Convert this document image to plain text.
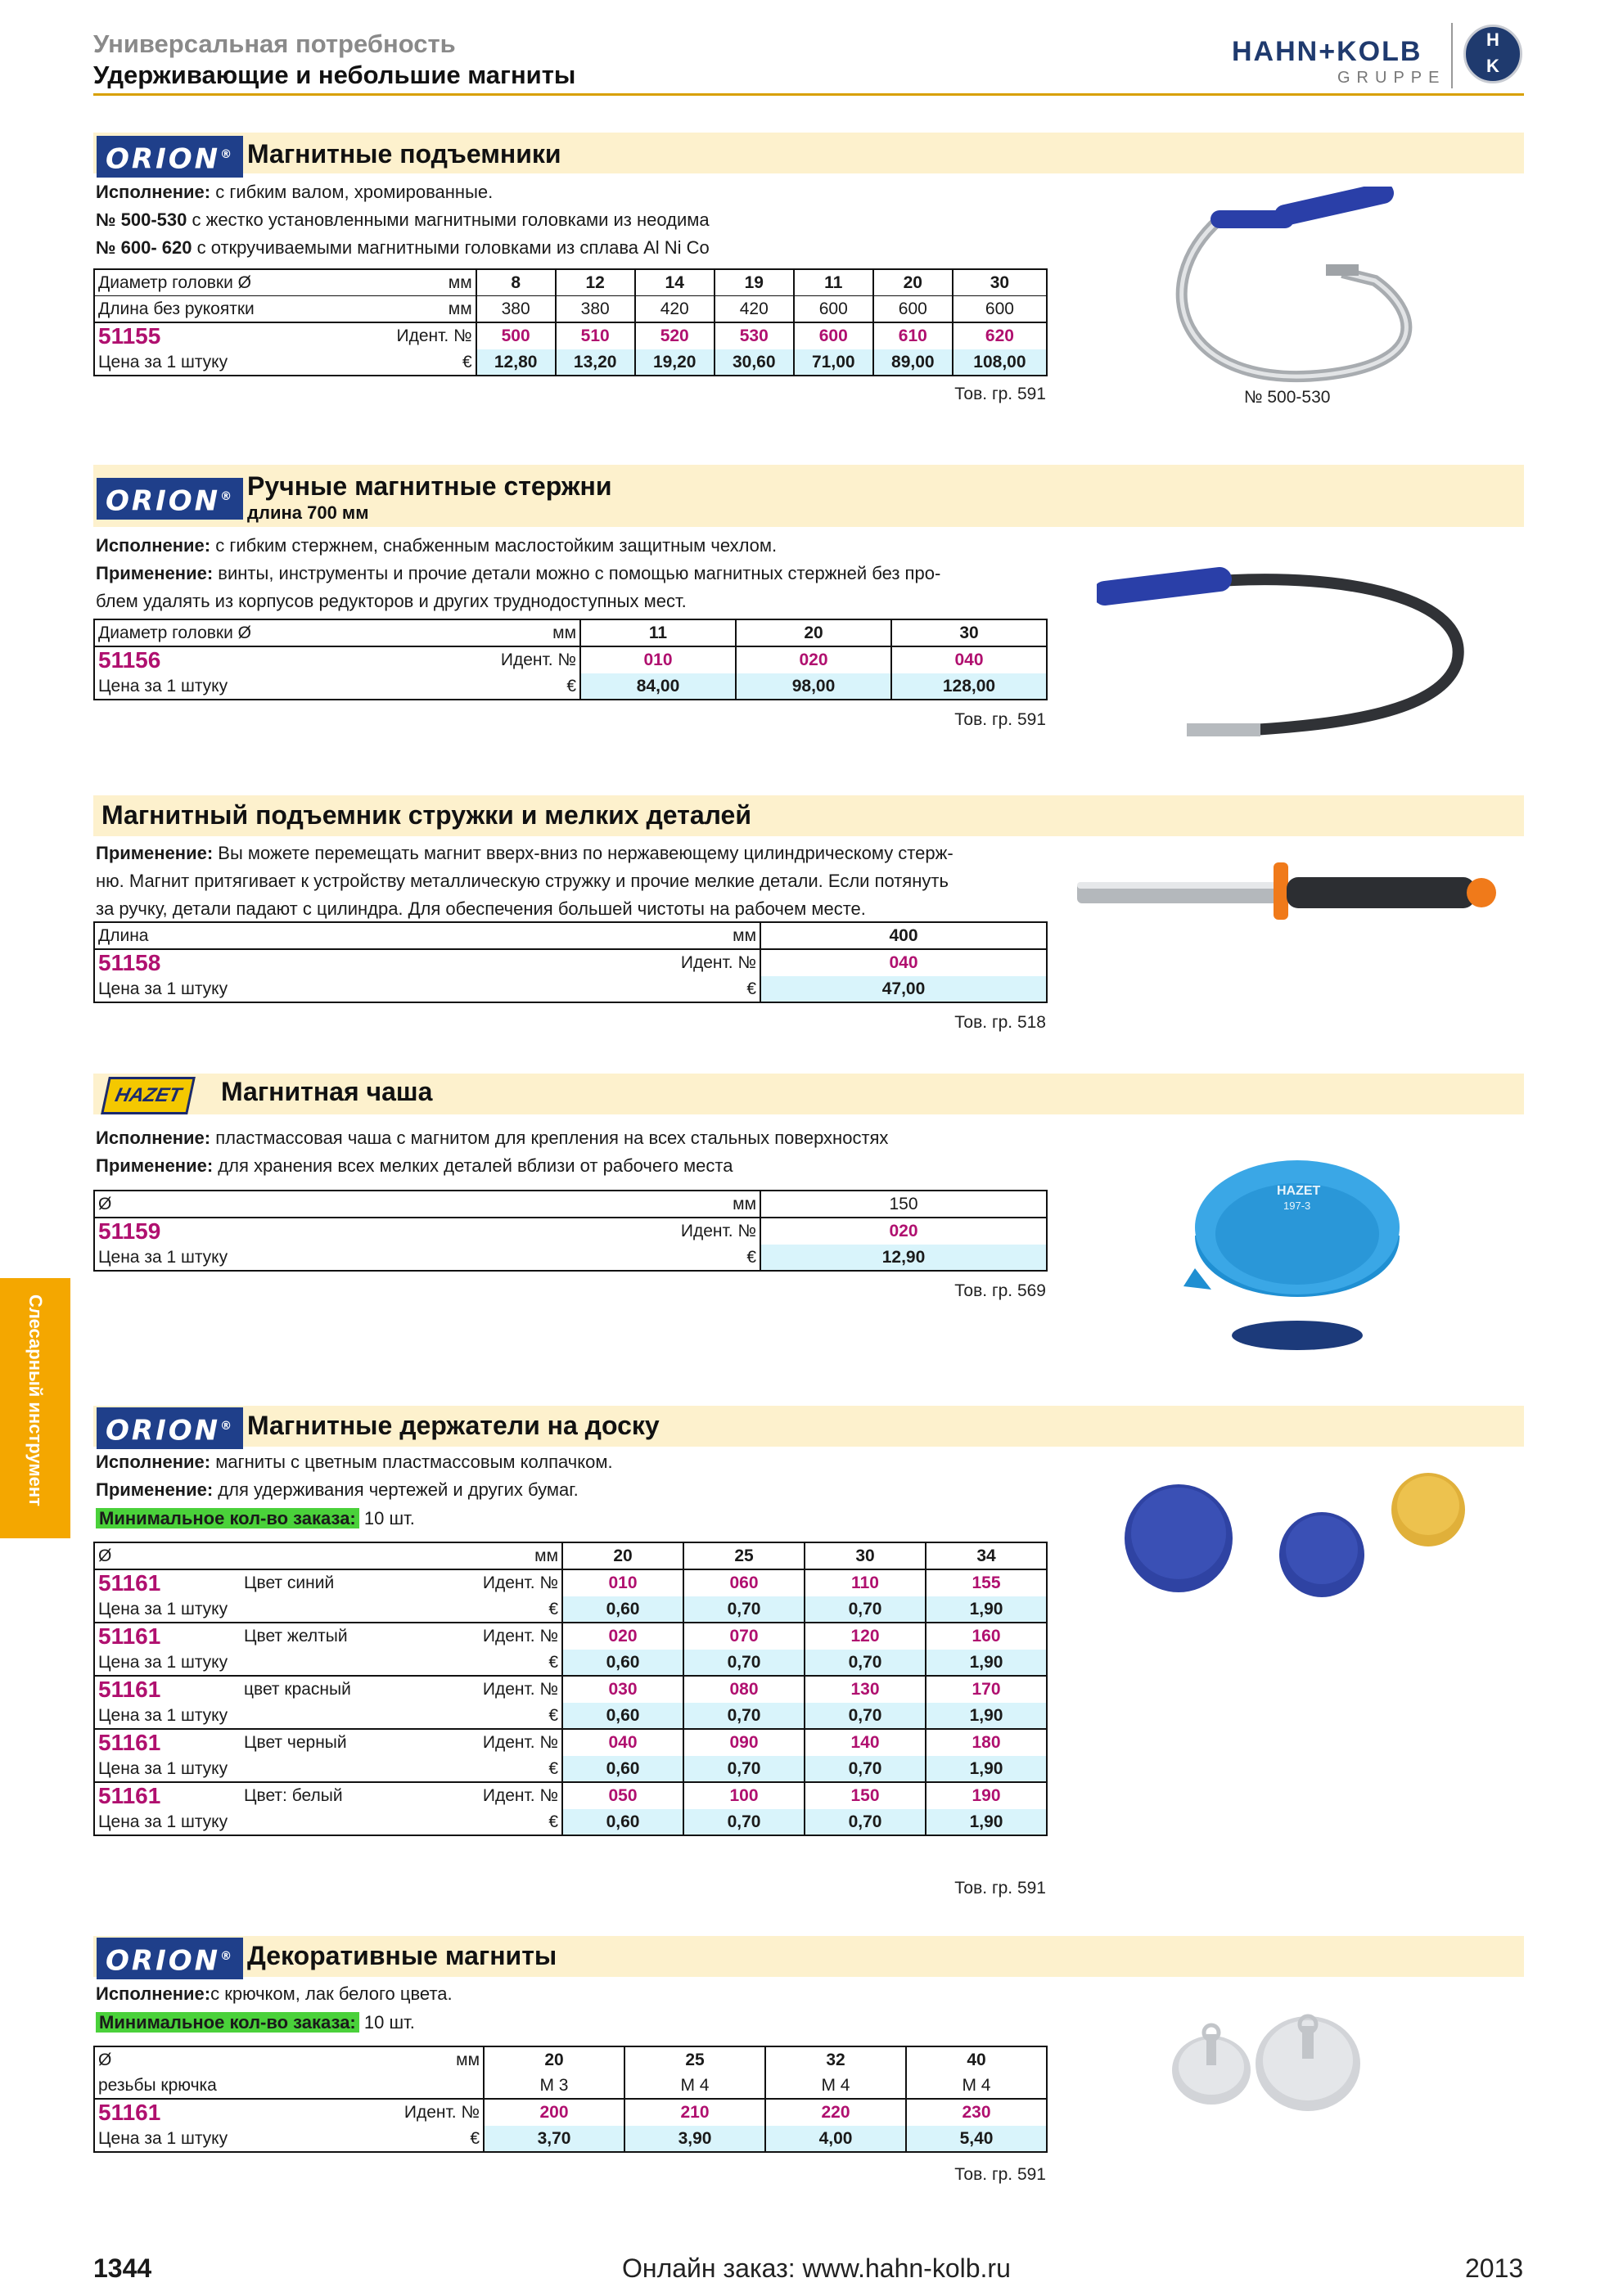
Универсальная потребность
Удерживающие и небольшие магниты
HAHN+KOLB
GRUPPE
H
K
Слесарный инструмент
ORION® Магнитные подъемники
Исполнение: с гибким валом, хромированные.
№ 500-530 с жестко установленными магнитными головками из неодима
№ 600- 620 с откручиваемыми магнитными головками из сплава Al Ni Co
Диаметр головки Ø	мм	8	12	14	19	11	20	30
Длина без рукоятки	мм	380	380	420	420	600	600	600
51155	Идент. №	500	510	520	530	600	610	620
Цена за 1 штуку	€	12,80	13,20	19,20	30,60	71,00	89,00	108,00
Тов. гр. 591	№ 500-530
ORION® Ручные магнитные стержни
длина 700 мм
Исполнение: с гибким стержнем, снабженным маслостойким защитным чехлом.
Применение: винты, инструменты и прочие детали можно с помощью магнитных стержней без про-
блем удалять из корпусов редукторов и других труднодоступных мест.
Диаметр головки Ø	мм	11	20	30
51156	Идент. №	010	020	040
Цена за 1 штуку	€	84,00	98,00	128,00
Тов. гр. 591
Магнитный подъемник стружки и мелких деталей
Применение: Вы можете перемещать магнит вверх-вниз по нержавеющему цилиндрическому стерж-
ню. Магнит притягивает к устройству металлическую стружку и прочие мелкие детали. Если потянуть
за ручку, детали падают с цилиндра. Для обеспечения большей чистоты на рабочем месте.
Длина	мм	400
51158	Идент. №	040
Цена за 1 штуку	€	47,00
Тов. гр. 518
HAZET	Магнитная чаша
Исполнение: пластмассовая чаша с магнитом для крепления на всех стальных поверхностях
Применение: для хранения всех мелких деталей вблизи от рабочего места
Ø	мм	150
51159	Идент. №	020
Цена за 1 штуку	€	12,90
Тов. гр. 569
HAZET
197-3
ORION® Магнитные держатели на доску
Исполнение: магниты с цветным пластмассовым колпачком.
Применение: для удерживания чертежей и других бумаг.
Минимальное кол-во заказа: 10 шт.
Ø		мм	20	25	30	34
51161	Цвет синий	Идент. №	010	060	110	155
Цена за 1 штуку		€	0,60	0,70	0,70	1,90
51161	Цвет желтый	Идент. №	020	070	120	160
Цена за 1 штуку		€	0,60	0,70	0,70	1,90
51161	цвет красный	Идент. №	030	080	130	170
Цена за 1 штуку		€	0,60	0,70	0,70	1,90
51161	Цвет черный	Идент. №	040	090	140	180
Цена за 1 штуку		€	0,60	0,70	0,70	1,90
51161	Цвет: белый	Идент. №	050	100	150	190
Цена за 1 штуку		€	0,60	0,70	0,70	1,90
Тов. гр. 591
ORION® Декоративные магниты
Исполнение:с крючком, лак белого цвета.
Минимальное кол-во заказа: 10 шт.
Ø	мм	20	25	32	40
резьбы крючка		M 3	M 4	M 4	M 4
51161	Идент. №	200	210	220	230
Цена за 1 штуку	€	3,70	3,90	4,00	5,40
Тов. гр. 591
1344	Онлайн заказ: www.hahn-kolb.ru	2013
